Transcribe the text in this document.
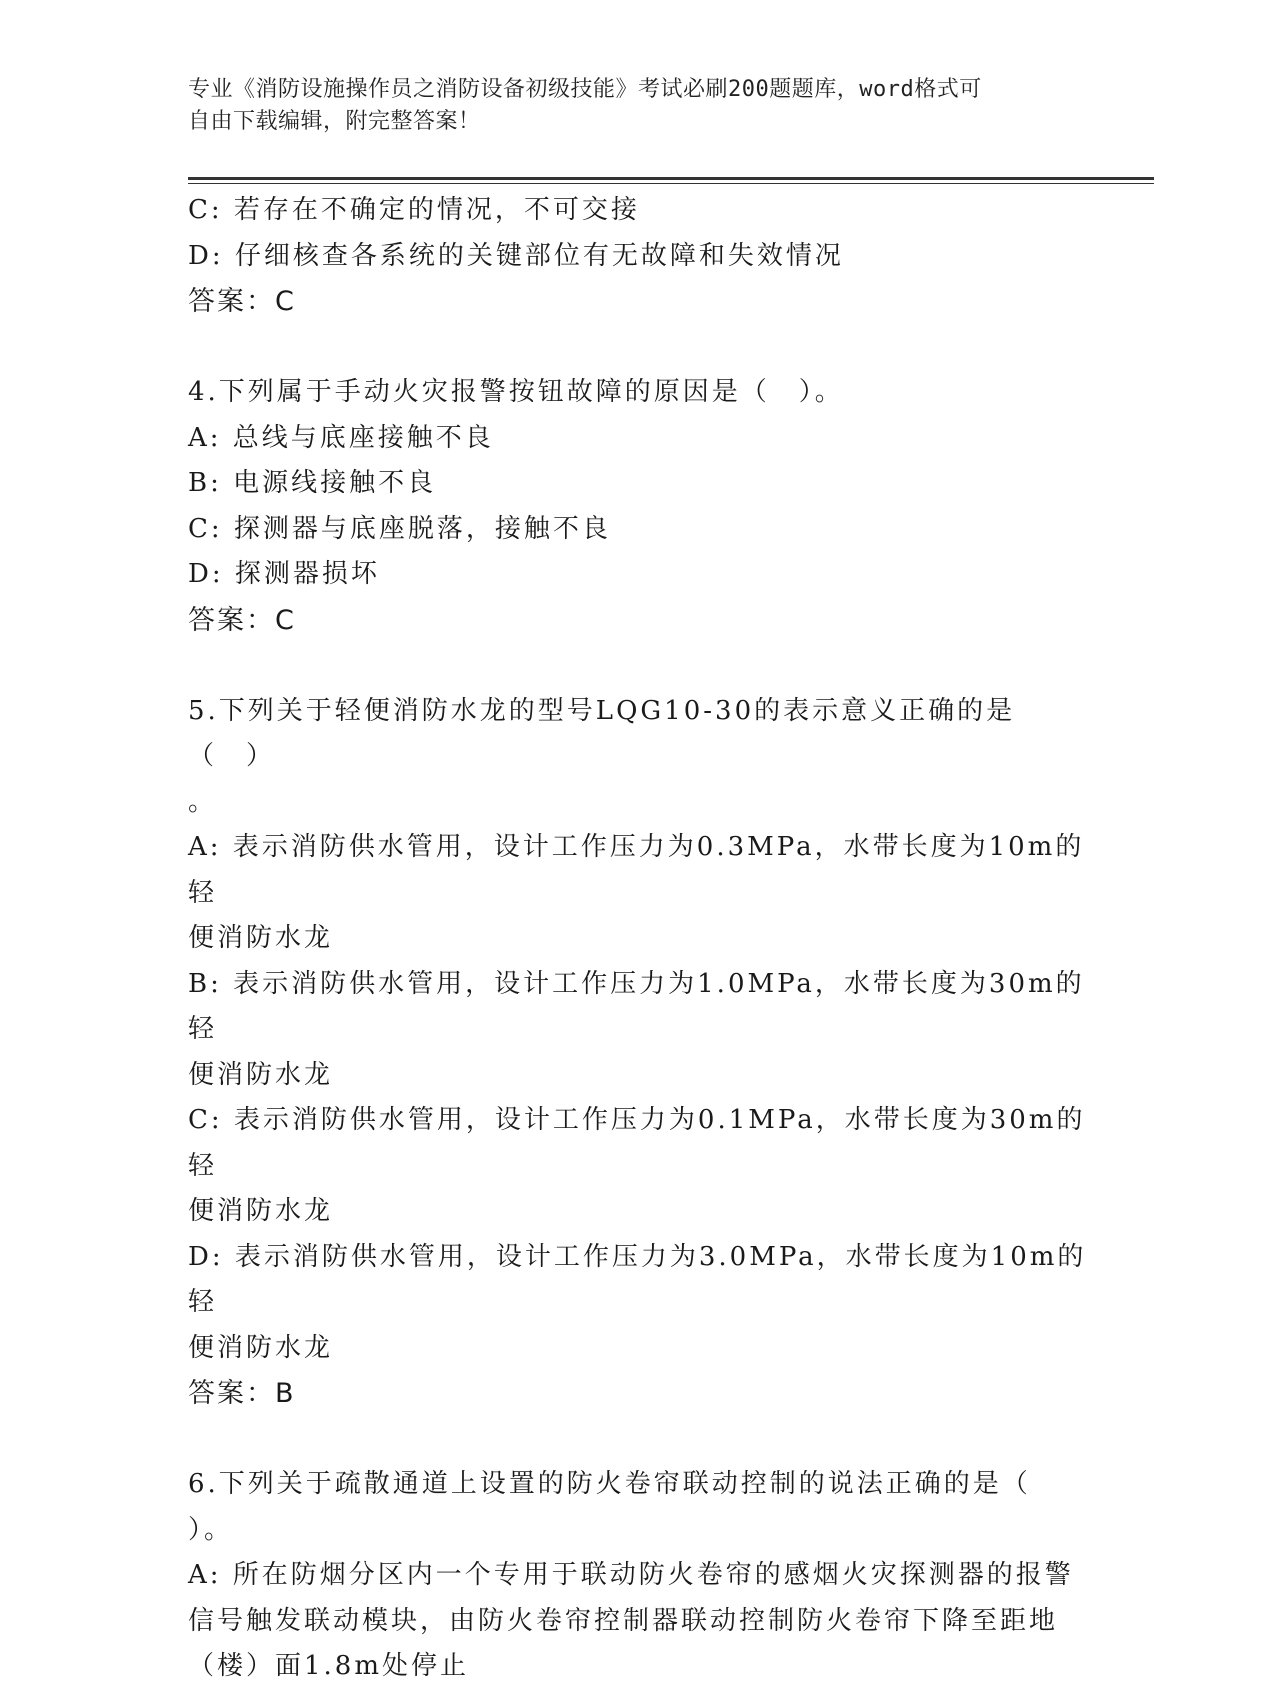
专业《消防设施操作员之消防设备初级技能》考试必刷200题题库，word格式可
自由下载编辑，附完整答案！
C: 若存在不确定的情况，不可交接
D: 仔细核查各系统的关键部位有无故障和失效情况
答案：C
4.下列属于手动火灾报警按钮故障的原因是（　）。
A: 总线与底座接触不良
B: 电源线接触不良
C: 探测器与底座脱落，接触不良
D: 探测器损坏
答案：C
5.下列关于轻便消防水龙的型号LQG10-30的表示意义正确的是（　）
。
A: 表示消防供水管用，设计工作压力为0.3MPa，水带长度为10m的轻
便消防水龙
B: 表示消防供水管用，设计工作压力为1.0MPa，水带长度为30m的轻
便消防水龙
C: 表示消防供水管用，设计工作压力为0.1MPa，水带长度为30m的轻
便消防水龙
D: 表示消防供水管用，设计工作压力为3.0MPa，水带长度为10m的轻
便消防水龙
答案：B
6.下列关于疏散通道上设置的防火卷帘联动控制的说法正确的是（
）。
A: 所在防烟分区内一个专用于联动防火卷帘的感烟火灾探测器的报警
信号触发联动模块，由防火卷帘控制器联动控制防火卷帘下降至距地
（楼）面1.8m处停止
